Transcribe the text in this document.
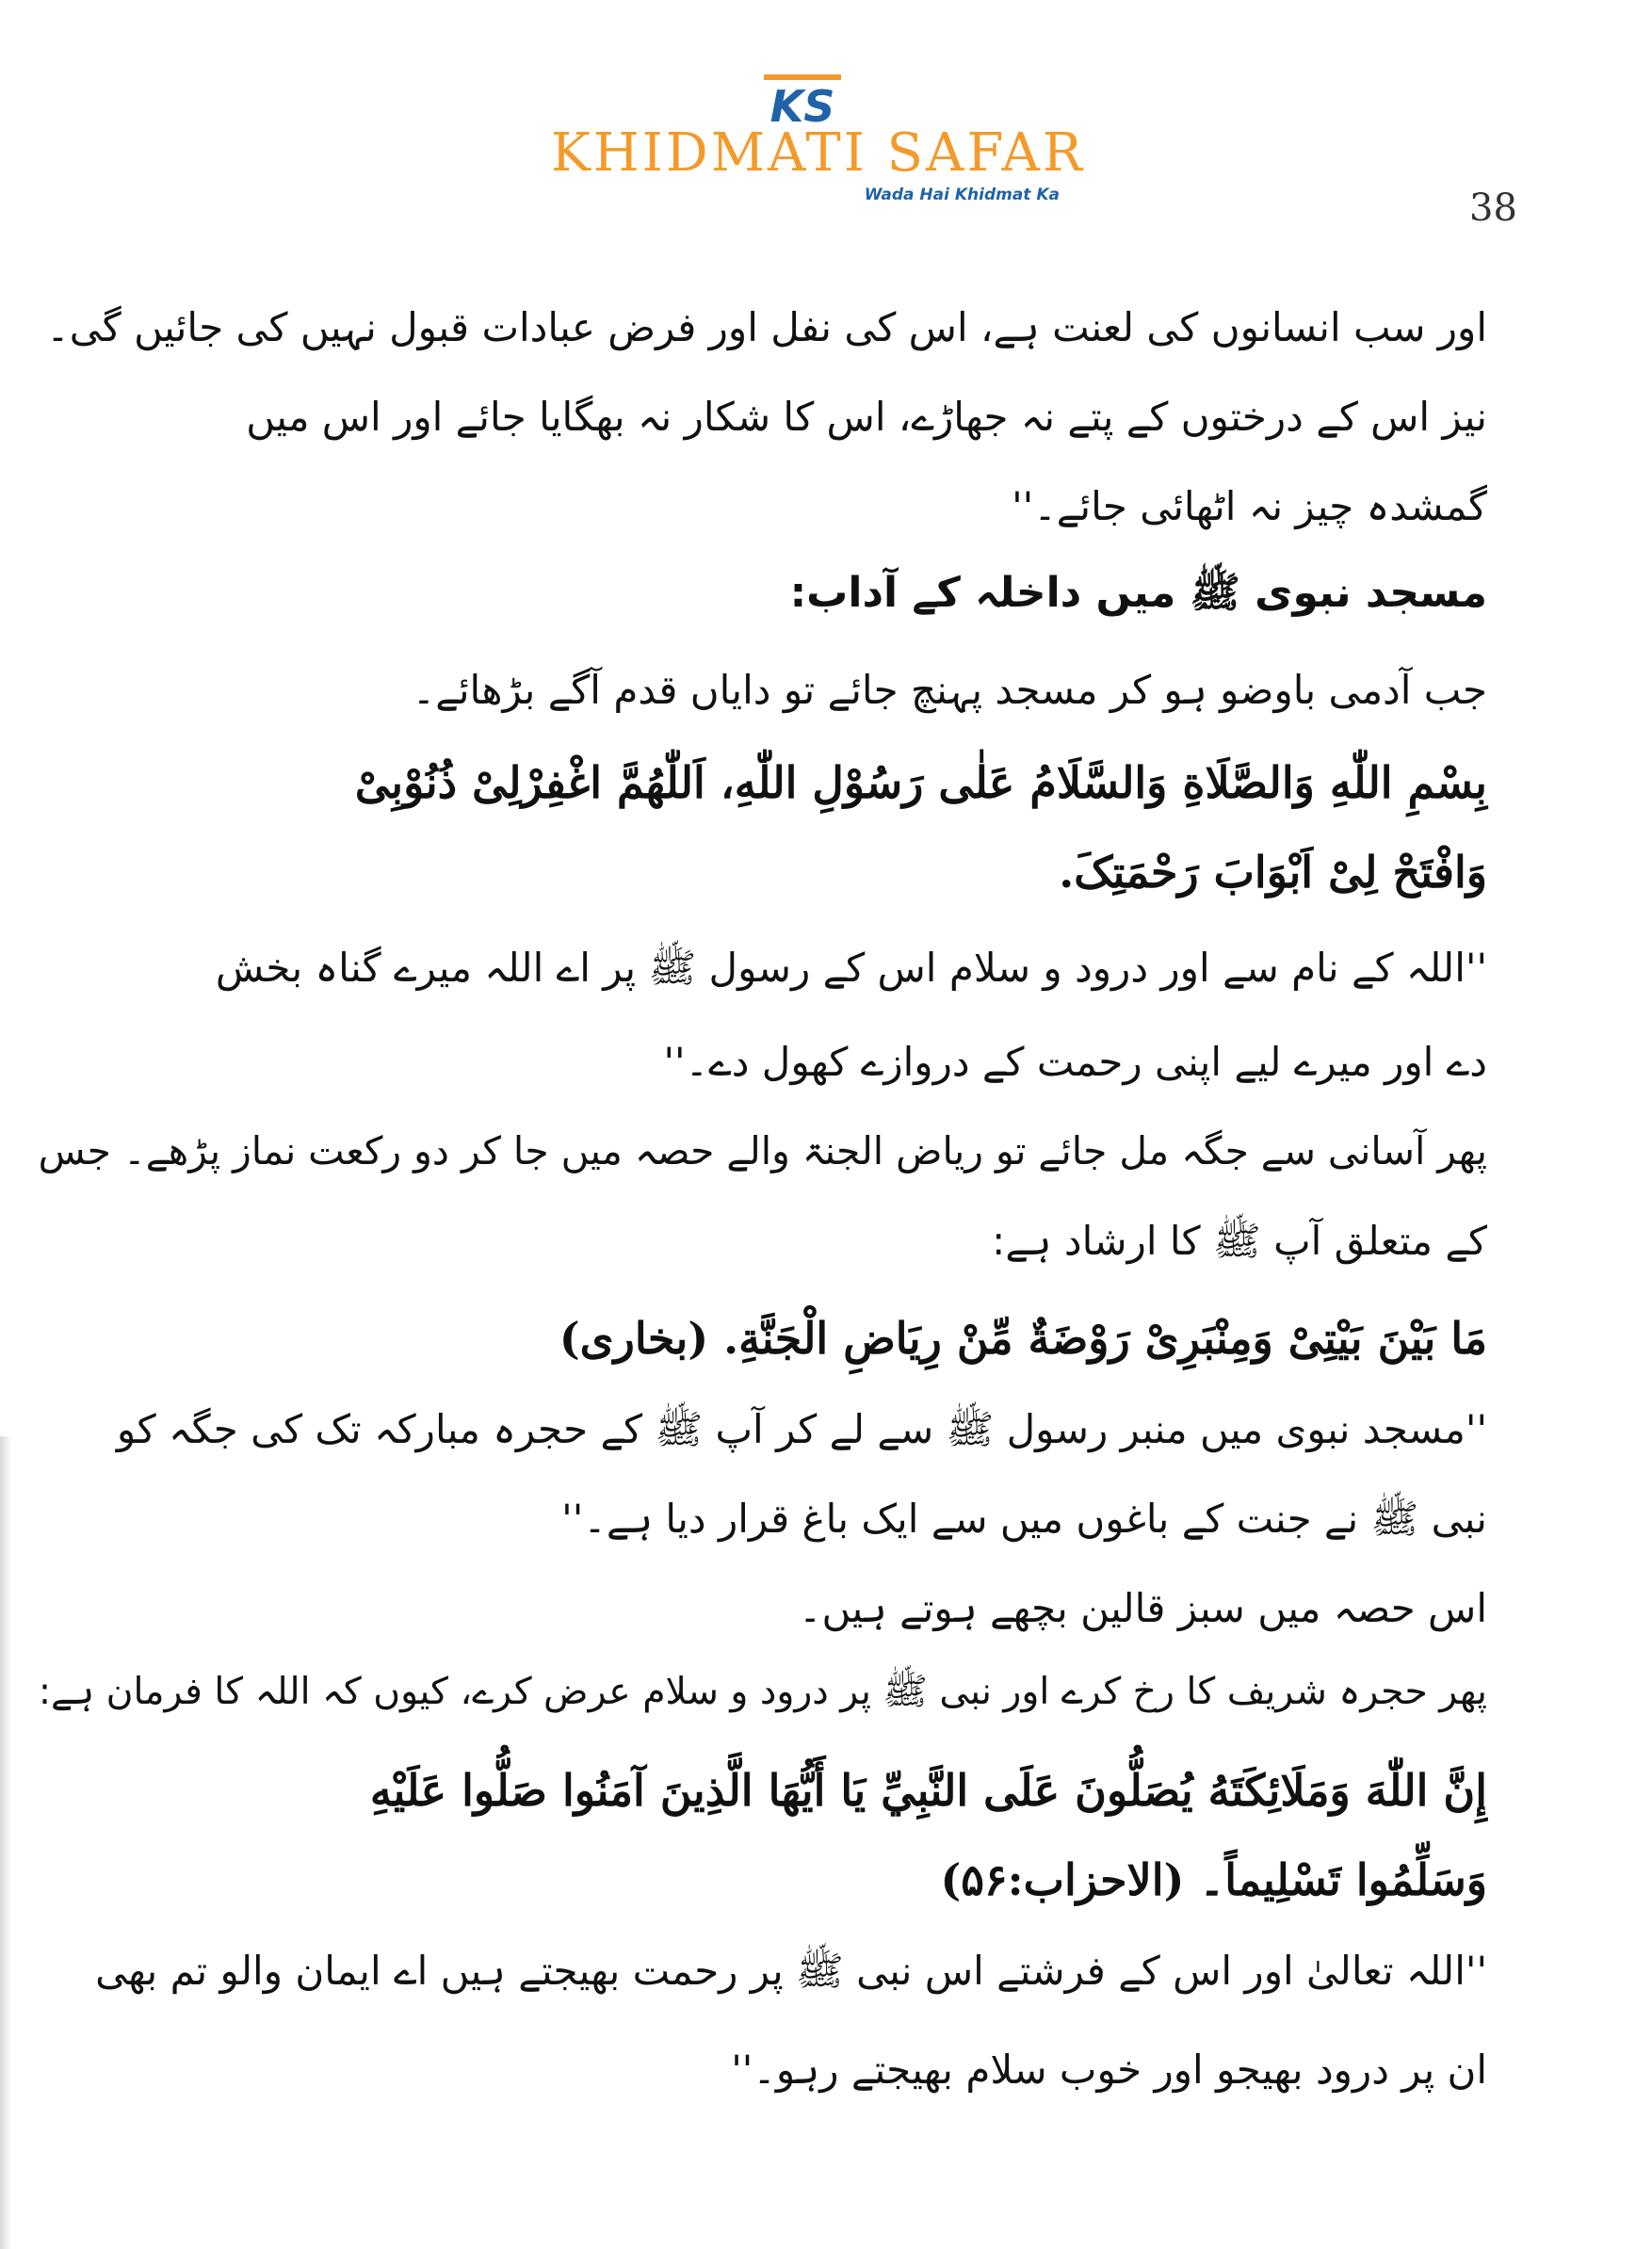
KS
KHIDMATI SAFAR
Wada Hai Khidmat Ka	38
اور سب انسانوں کی لعنت ہے، اس کی نفل اور فرض عبادات قبول نہیں کی جائیں گی۔
نیز اس کے درختوں کے پتے نہ جھاڑے، اس کا شکار نہ بھگایا جائے اور اس میں
گمشدہ چیز نہ اٹھائی جائے۔''
مسجد نبوی ﷺ میں داخلہ کے آداب:
جب آدمی باوضو ہو کر مسجد پہنچ جائے تو دایاں قدم آگے بڑھائے۔
بِسْمِ اللّٰهِ وَالصَّلَاةِ وَالسَّلَامُ عَلٰی رَسُوْلِ اللّٰهِ، اَللّٰهُمَّ اغْفِرْلِیْ ذُنُوْبِیْ
وَافْتَحْ لِیْ اَبْوَابَ رَحْمَتِکَ.
''اللہ کے نام سے اور درود و سلام اس کے رسول ﷺ پر اے اللہ میرے گناہ بخش
دے اور میرے لیے اپنی رحمت کے دروازے کھول دے۔''
پھر آسانی سے جگہ مل جائے تو ریاض الجنۃ والے حصہ میں جا کر دو رکعت نماز پڑھے۔ جس
کے متعلق آپ ﷺ کا ارشاد ہے:
مَا بَیْنَ بَیْتِیْ وَمِنْبَرِیْ رَوْضَةٌ مِّنْ رِیَاضِ الْجَنَّةِ. (بخاری)
''مسجد نبوی میں منبر رسول ﷺ سے لے کر آپ ﷺ کے حجرہ مبارکہ تک کی جگہ کو
نبی ﷺ نے جنت کے باغوں میں سے ایک باغ قرار دیا ہے۔''
اس حصہ میں سبز قالین بچھے ہوتے ہیں۔
پھر حجرہ شریف کا رخ کرے اور نبی ﷺ پر درود و سلام عرض کرے، کیوں کہ اللہ کا فرمان ہے:
إِنَّ اللّٰهَ وَمَلَائِكَتَهُ يُصَلُّونَ عَلَى النَّبِيِّ يَا أَيُّهَا الَّذِينَ آمَنُوا صَلُّوا عَلَيْهِ
وَسَلِّمُوا تَسْلِيماً۔ (الاحزاب:۵۶)
''اللہ تعالیٰ اور اس کے فرشتے اس نبی ﷺ پر رحمت بھیجتے ہیں اے ایمان والو تم بھی
ان پر درود بھیجو اور خوب سلام بھیجتے رہو۔''
